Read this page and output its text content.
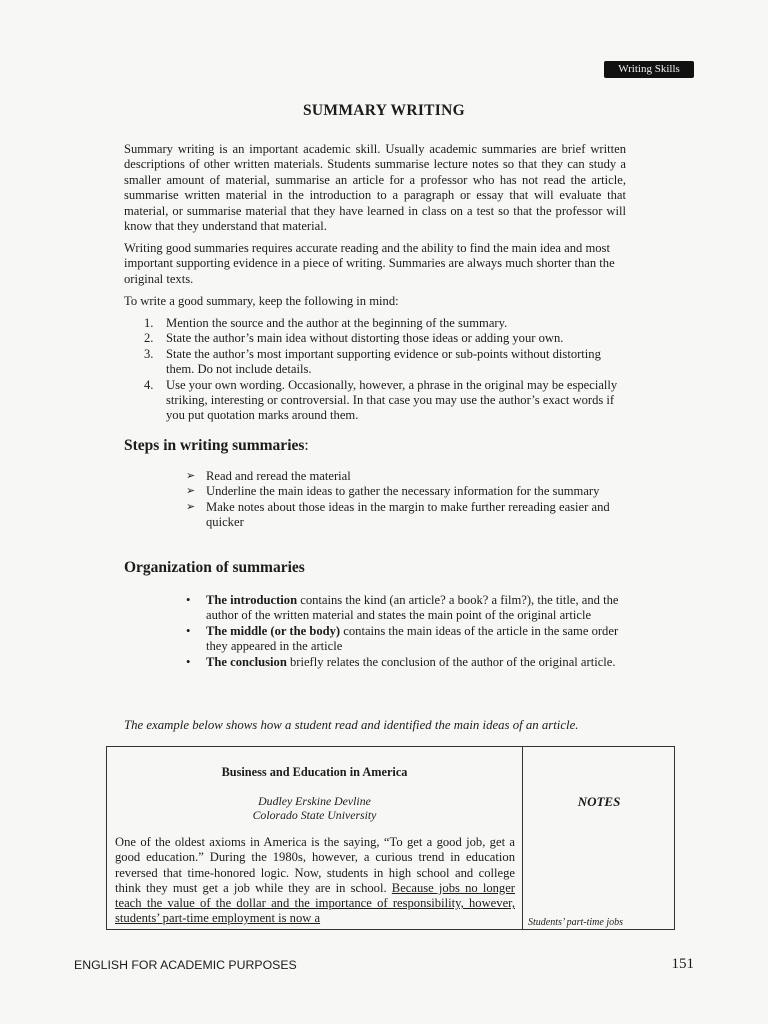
Writing Skills
SUMMARY WRITING

Summary writing is an important academic skill. Usually academic summaries are brief written descriptions of other written materials. Students summarise lecture notes so that they can study a smaller amount of material, summarise an article for a professor who has not read the article, summarise written material in the introduction to a paragraph or essay that will evaluate that material, or summarise material that they have learned in class on a test so that the professor will know that they understand that material.

Writing good summaries requires accurate reading and the ability to find the main idea and most important supporting evidence in a piece of writing. Summaries are always much shorter than the original texts.

To write a good summary, keep the following in mind:

1. Mention the source and the author at the beginning of the summary.
2. State the author’s main idea without distorting those ideas or adding your own.
3. State the author’s most important supporting evidence or sub-points without distorting them. Do not include details.
4. Use your own wording. Occasionally, however, a phrase in the original may be especially striking, interesting or controversial. In that case you may use the author’s exact words if you put quotation marks around them.
Steps in writing summaries:
➢ Read and reread the material
➢ Underline the main ideas to gather the necessary information for the summary
➢ Make notes about those ideas in the margin to make further rereading easier and quicker
Organization of summaries
• The introduction contains the kind (an article? a book? a film?), the title, and the author of the written material and states the main point of the original article
• The middle (or the body) contains the main ideas of the article in the same order they appeared in the article
• The conclusion briefly relates the conclusion of the author of the original article.
The example below shows how a student read and identified the main ideas of an article.
Business and Education in America
Dudley Erskine Devline
Colorado State University
One of the oldest axioms in America is the saying, “To get a good job, get a good education.” During the 1980s, however, a curious trend in education reversed that time-honored logic. Now, students in high school and college think they must get a job while they are in school. Because jobs no longer teach the value of the dollar and the importance of responsibility, however, students’ part-time employment is now a
NOTES
Students’ part-time jobs
ENGLISH FOR ACADEMIC PURPOSES	151
